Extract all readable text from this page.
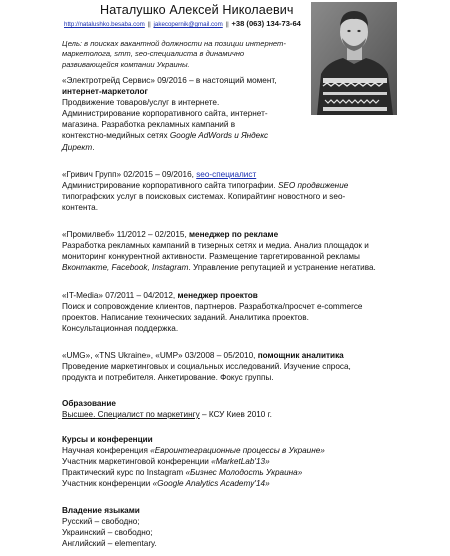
Наталушко Алексей Николаевич
http://natalushko.besaba.com || jakecopernik@gmail.com || +38 (063) 134-73-64
Цель: в поисках вакантной должности на позиции интернет-маркетолога, smm, seo-специалиста в динамично развивающейся компании Украины.

«Электротрейд Сервис» 09/2016 – в настоящий момент,

интернет-маркетолог

Продвижение товаров/услуг в интернете.

Администрирование корпоративного сайта, интернет-

магазина. Разработка рекламных кампаний в

контекстно-медийных сетях Google AdWords и Яндекс

Директ.

«Гривич Групп» 02/2015 – 09/2016, seo-специалист

Администрирование корпоративного сайта типографии. SEO продвижение

типографских услуг в поисковых системах. Копирайтинг новостного и seo-

контента.

«Промилвеб» 11/2012 – 02/2015, менеджер по рекламе

Разработка рекламных кампаний в тизерных сетях и медиа. Анализ площадок и

мониторинг конкурентной активности. Размещение таргетированной рекламы

Вконтакте, Facebook, Instagram. Управление репутацией и устранение негатива.

«IT-Media» 07/2011 – 04/2012, менеджер проектов

Поиск и сопровождение клиентов, партнеров. Разработка/просчет e-commerce

проектов. Написание технических заданий. Аналитика проектов.

Консультационная поддержка.

«UMG», «TNS Ukraine», «UMP» 03/2008 – 05/2010, помощник аналитика

Проведение маркетинговых и социальных исследований. Изучение спроса,

продукта и потребителя. Анкетирование. Фокус группы.

Образование

Высшее. Специалист по маркетингу – КСУ Киев 2010 г.

Курсы и конференции

Научная конференция «Евроинтеграционные процессы в Украине»

Участник маркетинговой конференции «MarketLab'13»

Практический курс по Instagram «Бизнес Молодость Украина»

Участник конференции «Google Analytics Academy'14»

Владение языками

Русский – свободно;

Украинский – свободно;

Английский – elementary.
